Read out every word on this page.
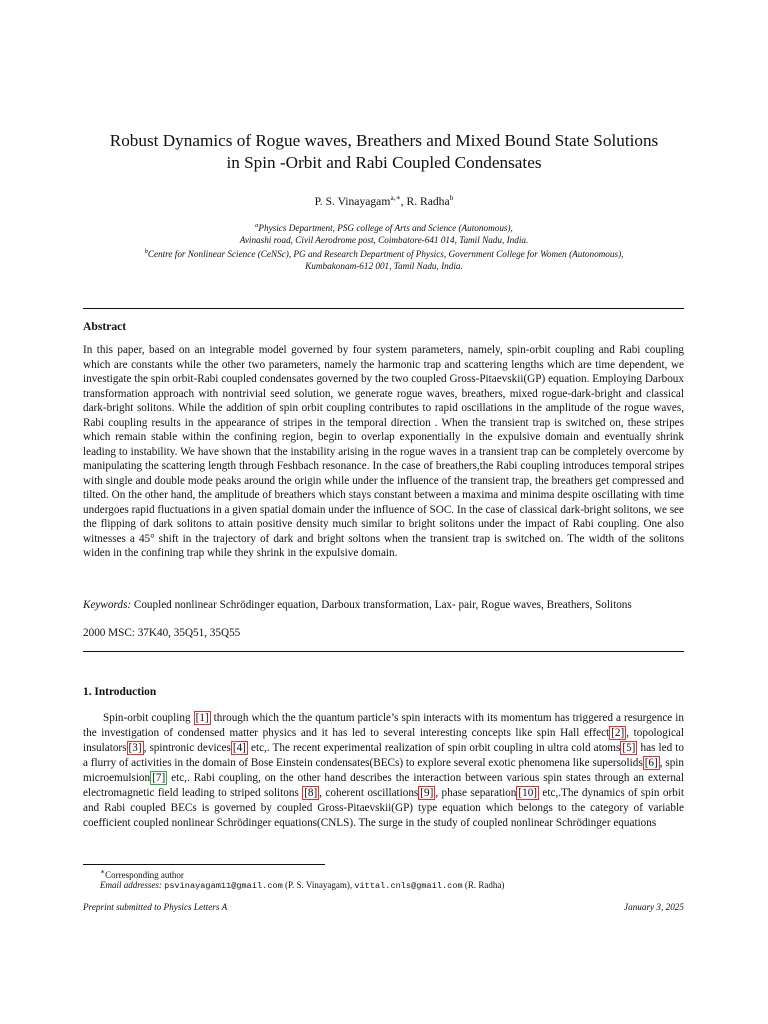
Robust Dynamics of Rogue waves, Breathers and Mixed Bound State Solutions
in Spin -Orbit and Rabi Coupled Condensates
P. S. Vinayagam$^{a,∗}$, R. Radha$^b$
$^a$Physics Department, PSG college of Arts and Science (Autonomous),
Avinashi road, Civil Aerodrome post, Coimbatore-641 014, Tamil Nadu, India.
$^b$Centre for Nonlinear Science (CeNSc), PG and Research Department of Physics, Government College for Women (Autonomous),
Kumbakonam-612 001, Tamil Nadu, India.
Abstract
In this paper, based on an integrable model governed by four system parameters, namely, spin-orbit coupling and Rabi coupling which are constants while the other two parameters, namely the harmonic trap and scattering lengths which are time dependent, we investigate the spin orbit-Rabi coupled condensates governed by the two coupled Gross-Pitaevskii(GP) equation. Employing Darboux transformation approach with nontrivial seed solution, we generate rogue waves, breathers, mixed rogue-dark-bright and classical dark-bright solitons. While the addition of spin orbit coupling contributes to rapid oscillations in the amplitude of the rogue waves, Rabi coupling results in the appearance of stripes in the temporal direction . When the transient trap is switched on, these stripes which remain stable within the confining region, begin to overlap exponentially in the expulsive domain and eventually shrink leading to instability. We have shown that the instability arising in the rogue waves in a transient trap can be completely overcome by manipulating the scattering length through Feshbach resonance. In the case of breathers,the Rabi coupling introduces temporal stripes with single and double mode peaks around the origin while under the influence of the transient trap, the breathers get compressed and tilted. On the other hand, the amplitude of breathers which stays constant between a maxima and minima despite oscillating with time undergoes rapid fluctuations in a given spatial domain under the influence of SOC. In the case of classical dark-bright solitons, we see the flipping of dark solitons to attain positive density much similar to bright solitons under the impact of Rabi coupling. One also witnesses a 45° shift in the trajectory of dark and bright soltons when the transient trap is switched on. The width of the solitons widen in the confining trap while they shrink in the expulsive domain.
Keywords: Coupled nonlinear Schrödinger equation, Darboux transformation, Lax- pair, Rogue waves, Breathers, Solitons
2000 MSC: 37K40, 35Q51, 35Q55
1. Introduction
Spin-orbit coupling [1] through which the the quantum particle’s spin interacts with its momentum has triggered a resurgence in the investigation of condensed matter physics and it has led to several interesting concepts like spin Hall effect [2] , topological insulators [3] , spintronic devices [4] etc,. The recent experimental realization of spin orbit coupling in ultra cold atoms [5] has led to a flurry of activities in the domain of Bose Einstein condensates(BECs) to explore several exotic phenomena like supersolids [6] , spin microemulsion [7] etc,. Rabi coupling, on the other hand describes the interaction between various spin states through an external electromagnetic field leading to striped solitons [8] , coherent oscillations [9] , phase separation [10] etc,.The dynamics of spin orbit and Rabi coupled BECs is governed by coupled Gross-Pitaevskii(GP) type equation which belongs to the category of variable coefficient coupled nonlinear Schrödinger equations(CNLS). The surge in the study of coupled nonlinear Schrödinger equations
∗Corresponding author
Email addresses: psvinayagam11@gmail.com (P. S. Vinayagam), vittal.cnls@gmail.com (R. Radha)
Preprint submitted to Physics Letters A	January 3, 2025
